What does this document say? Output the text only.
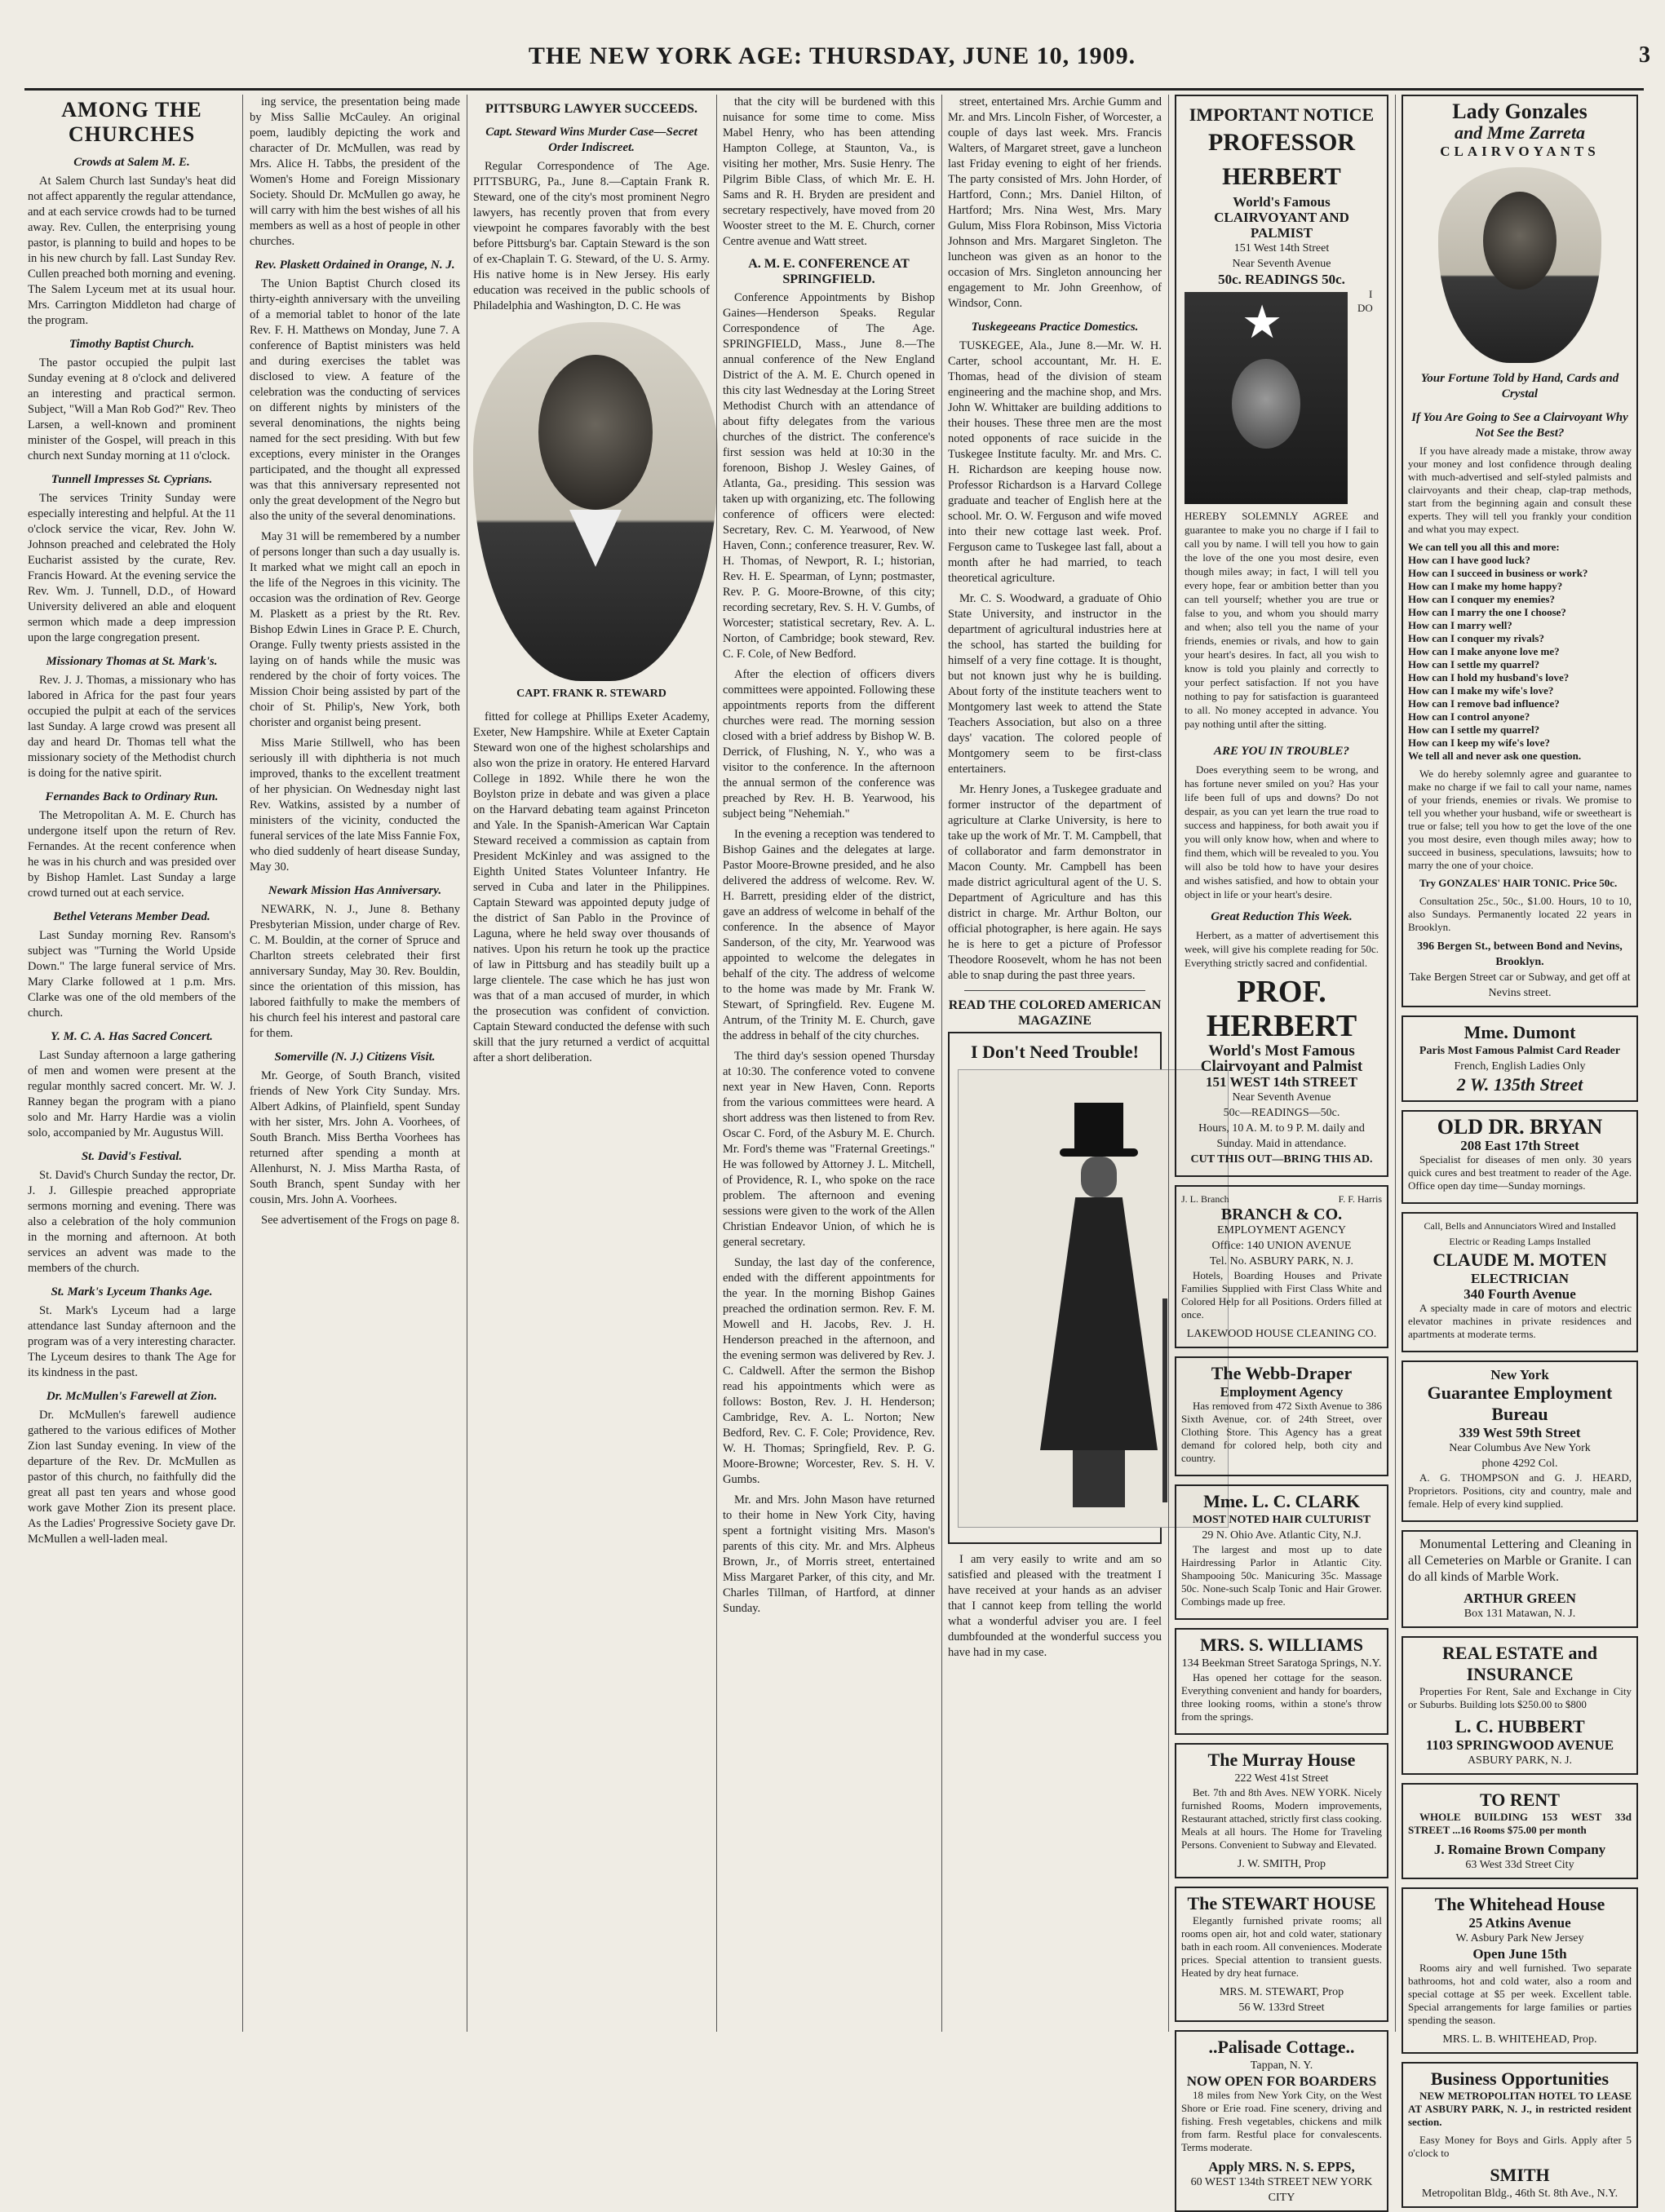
THE NEW YORK AGE: THURSDAY, JUNE 10, 1909.	3
AMONG THE CHURCHES
Crowds at Salem M. E.

At Salem Church last Sunday's heat did not affect apparently the regular attendance, and at each service crowds had to be turned away. Rev. Cullen, the enterprising young pastor, is planning to build and hopes to be in his new church by fall. Last Sunday Rev. Cullen preached both morning and evening. The Salem Lyceum met at its usual hour. Mrs. Carrington Middleton had charge of the program.

Timothy Baptist Church.

The pastor occupied the pulpit last Sunday evening at 8 o'clock and delivered an interesting and practical sermon. Subject, "Will a Man Rob God?" Rev. Theo Larsen, a well-known and prominent minister of the Gospel, will preach in this church next Sunday morning at 11 o'clock.

Tunnell Impresses St. Cyprians.

The services Trinity Sunday were especially interesting and helpful. At the 11 o'clock service the vicar, Rev. John W. Johnson preached and celebrated the Holy Eucharist assisted by the curate, Rev. Francis Howard. At the evening service the Rev. Wm. J. Tunnell, D.D., of Howard University delivered an able and eloquent sermon which made a deep impression upon the large congregation present.

Missionary Thomas at St. Mark's.

Rev. J. J. Thomas, a missionary who has labored in Africa for the past four years occupied the pulpit at each of the services last Sunday. A large crowd was present all day and heard Dr. Thomas tell what the missionary society of the Methodist church is doing for the native spirit.

Fernandes Back to Ordinary Run.

The Metropolitan A. M. E. Church has undergone itself upon the return of Rev. Fernandes. At the recent conference when he was in his church and was presided over by Bishop Hamlet. Last Sunday a large crowd turned out at each service.

Bethel Veterans Member Dead.

Last Sunday morning Rev. Ransom's subject was "Turning the World Upside Down." The large funeral service of Mrs. Mary Clarke followed at 1 p.m. Mrs. Clarke was one of the old members of the church.

Y. M. C. A. Has Sacred Concert.

Last Sunday afternoon a large gathering of men and women were present at the regular monthly sacred concert. Mr. W. J. Ranney began the program with a piano solo and Mr. Harry Hardie was a violin solo, accompanied by Mr. Augustus Will.

St. David's Festival.

St. David's Church Sunday the rector, Dr. J. J. Gillespie preached appropriate sermons morning and evening. There was also a celebration of the holy communion in the morning and afternoon. At both services an advent was made to the members of the church.

St. Mark's Lyceum Thanks Age.

St. Mark's Lyceum had a large attendance last Sunday afternoon and the program was of a very interesting character. The Lyceum desires to thank The Age for its kindness in the past.

Dr. McMullen's Farewell at Zion.

Dr. McMullen's farewell audience gathered to the various edifices of Mother Zion last Sunday evening. In view of the departure of the Rev. Dr. McMullen as pastor of this church, no faithfully did the great all past ten years and whose good work gave Mother Zion its present place. As the Ladies' Progressive Society gave Dr. McMullen a well-laden meal.

ing service, the presentation being made by Miss Sallie McCauley. An original poem, laudibly depicting the work and character of Dr. McMullen, was read by Mrs. Alice H. Tabbs, the president of the Women's Home and Foreign Missionary Society. Should Dr. McMullen go away, he will carry with him the best wishes of all his members as well as a host of people in other churches.

Rev. Plaskett Ordained in Orange, N. J.

The Union Baptist Church closed its thirty-eighth anniversary with the unveiling of a memorial tablet to honor of the late Rev. F. H. Matthews on Monday, June 7. A conference of Baptist ministers was held and during exercises the tablet was disclosed to view. A feature of the celebration was the conducting of services on different nights by ministers of the several denominations, the nights being named for the sect presiding. With but few exceptions, every minister in the Oranges participated, and the thought all expressed was that this anniversary represented not only the great development of the Negro but also the unity of the several denominations.

May 31 will be remembered by a number of persons longer than such a day usually is. It marked what we might call an epoch in the life of the Negroes in this vicinity. The occasion was the ordination of Rev. George M. Plaskett as a priest by the Rt. Rev. Bishop Edwin Lines in Grace P. E. Church, Orange. Fully twenty priests assisted in the laying on of hands while the music was rendered by the choir of forty voices. The Mission Choir being assisted by part of the choir of St. Philip's, New York, both chorister and organist being present.

Miss Marie Stillwell, who has been seriously ill with diphtheria is not much improved, thanks to the excellent treatment of her physician. On Wednesday night last Rev. Watkins, assisted by a number of ministers of the vicinity, conducted the funeral services of the late Miss Fannie Fox, who died suddenly of heart disease Sunday, May 30.

Newark Mission Has Anniversary.

NEWARK, N. J., June 8. Bethany Presbyterian Mission, under charge of Rev. C. M. Bouldin, at the corner of Spruce and Charlton streets celebrated their first anniversary Sunday, May 30. Rev. Bouldin, since the orientation of this mission, has labored faithfully to make the members of his church feel his interest and pastoral care for them.

Somerville (N. J.) Citizens Visit.

Mr. George, of South Branch, visited friends of New York City Sunday. Mrs. Albert Adkins, of Plainfield, spent Sunday with her sister, Mrs. John A. Voorhees, of South Branch. Miss Bertha Voorhees has returned after spending a month at Allenhurst, N. J. Miss Martha Rasta, of South Branch, spent Sunday with her cousin, Mrs. John A. Voorhees.

See advertisement of the Frogs on page 8.

PITTSBURG LAWYER SUCCEEDS.
Capt. Steward Wins Murder Case—Secret Order Indiscreet.

Regular Correspondence of The Age. PITTSBURG, Pa., June 8.—Captain Frank R. Steward, one of the city's most prominent Negro lawyers, has recently proven that from every viewpoint he compares favorably with the best before Pittsburg's bar. Captain Steward is the son of ex-Chaplain T. G. Steward, of the U. S. Army. His native home is in New Jersey. His early education was received in the public schools of Philadelphia and Washington, D. C. He was

CAPT. FRANK R. STEWARD

fitted for college at Phillips Exeter Academy, Exeter, New Hampshire. While at Exeter Captain Steward won one of the highest scholarships and also won the prize in oratory. He entered Harvard College in 1892. While there he won the Boylston prize in debate and was given a place on the Harvard debating team against Princeton and Yale. In the Spanish-American War Captain Steward received a commission as captain from President McKinley and was assigned to the Eighth United States Volunteer Infantry. He served in Cuba and later in the Philippines. Captain Steward was appointed deputy judge of the district of San Pablo in the Province of Laguna, where he held sway over thousands of natives. Upon his return he took up the practice of law in Pittsburg and has steadily built up a large clientele. The case which he has just won was that of a man accused of murder, in which the prosecution was confident of conviction. Captain Steward conducted the defense with such skill that the jury returned a verdict of acquittal after a short deliberation.

that the city will be burdened with this nuisance for some time to come. Miss Mabel Henry, who has been attending Hampton College, at Staunton, Va., is visiting her mother, Mrs. Susie Henry. The Pilgrim Bible Class, of which Mr. E. H. Sams and R. H. Bryden are president and secretary respectively, have moved from 20 Wooster street to the M. E. Church, corner Centre avenue and Watt street.

A. M. E. CONFERENCE AT SPRINGFIELD.

Conference Appointments by Bishop Gaines—Henderson Speaks. Regular Correspondence of The Age. SPRINGFIELD, Mass., June 8.—The annual conference of the New England District of the A. M. E. Church opened in this city last Wednesday at the Loring Street Methodist Church with an attendance of about fifty delegates from the various churches of the district. The conference's first session was held at 10:30 in the forenoon, Bishop J. Wesley Gaines, of Atlanta, Ga., presiding. This session was taken up with organizing, etc. The following conference of officers were elected: Secretary, Rev. C. M. Yearwood, of New Haven, Conn.; conference treasurer, Rev. W. H. Thomas, of Newport, R. I.; historian, Rev. H. E. Spearman, of Lynn; postmaster, Rev. P. G. Moore-Browne, of this city; recording secretary, Rev. S. H. V. Gumbs, of Worcester; statistical secretary, Rev. A. L. Norton, of Cambridge; book steward, Rev. C. F. Cole, of New Bedford.

After the election of officers divers committees were appointed. Following these appointments reports from the different churches were read. The morning session closed with a brief address by Bishop W. B. Derrick, of Flushing, N. Y., who was a visitor to the conference. In the afternoon the annual sermon of the conference was preached by Rev. H. B. Yearwood, his subject being "Nehemiah."

In the evening a reception was tendered to Bishop Gaines and the delegates at large. Pastor Moore-Browne presided, and he also delivered the address of welcome. Rev. W. H. Barrett, presiding elder of the district, gave an address of welcome in behalf of the conference. In the absence of Mayor Sanderson, of the city, Mr. Yearwood was appointed to welcome the delegates in behalf of the city. The address of welcome to the home was made by Mr. Frank W. Stewart, of Springfield. Rev. Eugene M. Antrum, of the Trinity M. E. Church, gave the address in behalf of the city churches.

The third day's session opened Thursday at 10:30. The conference voted to convene next year in New Haven, Conn. Reports from the various committees were heard. A short address was then listened to from Rev. Oscar C. Ford, of the Asbury M. E. Church. Mr. Ford's theme was "Fraternal Greetings." He was followed by Attorney J. L. Mitchell, of Providence, R. I., who spoke on the race problem. The afternoon and evening sessions were given to the work of the Allen Christian Endeavor Union, of which he is general secretary.

Sunday, the last day of the conference, ended with the different appointments for the year. In the morning Bishop Gaines preached the ordination sermon. Rev. F. M. Mowell and H. Jacobs, Rev. J. H. Henderson preached in the afternoon, and the evening sermon was delivered by Rev. J. C. Caldwell. After the sermon the Bishop read his appointments which were as follows: Boston, Rev. J. H. Henderson; Cambridge, Rev. A. L. Norton; New Bedford, Rev. C. F. Cole; Providence, Rev. W. H. Thomas; Springfield, Rev. P. G. Moore-Browne; Worcester, Rev. S. H. V. Gumbs.

Mr. and Mrs. John Mason have returned to their home in New York City, having spent a fortnight visiting Mrs. Mason's parents of this city. Mr. and Mrs. Alpheus Brown, Jr., of Morris street, entertained Miss Margaret Parker, of this city, and Mr. Charles Tillman, of Hartford, at dinner Sunday.

street, entertained Mrs. Archie Gumm and Mr. and Mrs. Lincoln Fisher, of Worcester, a couple of days last week. Mrs. Francis Walters, of Margaret street, gave a luncheon last Friday evening to eight of her friends. The party consisted of Mrs. John Horder, of Hartford, Conn.; Mrs. Daniel Hilton, of Hartford; Mrs. Nina West, Mrs. Mary Gulum, Miss Flora Robinson, Miss Victoria Johnson and Mrs. Margaret Singleton. The luncheon was given as an honor to the occasion of Mrs. Singleton announcing her engagement to Mr. John Greenhow, of Windsor, Conn.

Tuskegeeans Practice Domestics.

TUSKEGEE, Ala., June 8.—Mr. W. H. Carter, school accountant, Mr. H. E. Thomas, head of the division of steam engineering and the machine shop, and Mrs. John W. Whittaker are building additions to their houses. These three men are the most noted opponents of race suicide in the Tuskegee Institute faculty. Mr. and Mrs. C. H. Richardson are keeping house now. Professor Richardson is a Harvard College graduate and teacher of English here at the school. Mr. O. W. Ferguson and wife moved into their new cottage last week. Prof. Ferguson came to Tuskegee last fall, about a month after he had married, to teach theoretical agriculture.

Mr. C. S. Woodward, a graduate of Ohio State University, and instructor in the department of agricultural industries here at the school, has started the building for himself of a very fine cottage. It is thought, but not known just why he is building. About forty of the institute teachers went to Montgomery last week to attend the State Teachers Association, but also on a three days' vacation. The colored people of Montgomery seem to be first-class entertainers.

Mr. Henry Jones, a Tuskegee graduate and former instructor of the department of agriculture at Clarke University, is here to take up the work of Mr. T. M. Campbell, that of collaborator and farm demonstrator in Macon County. Mr. Campbell has been made district agricultural agent of the U. S. Department of Agriculture and has this district in charge. Mr. Arthur Bolton, our official photographer, is here again. He says he is here to get a picture of Professor Theodore Roosevelt, whom he has not been able to snap during the past three years.

READ THE COLORED AMERICAN MAGAZINE
I Don't Need Trouble!

I am very easily to write and am so satisfied and pleased with the treatment I have received at your hands as an adviser that I cannot keep from telling the world what a wonderful adviser you are. I feel dumbfounded at the wonderful success you have had in my case.

IMPORTANT NOTICE
PROFESSOR HERBERT
World's Famous
CLAIRVOYANT AND PALMIST
151 West 14th Street
Near Seventh Avenue
50c. READINGS 50c.
★

I DO HEREBY SOLEMNLY AGREE and guarantee to make you no charge if I fail to call you by name. I will tell you how to gain the love of the one you most desire, even though miles away; in fact, I will tell you every hope, fear or ambition better than you can tell yourself; whether you are true or false to you, and whom you should marry and when; also tell you the name of your friends, enemies or rivals, and how to gain your heart's desires. In fact, all you wish to know is told you plainly and correctly to your perfect satisfaction. If not you have nothing to pay for satisfaction is guaranteed to all. No money accepted in advance. You pay nothing until after the sitting.

ARE YOU IN TROUBLE?

Does everything seem to be wrong, and has fortune never smiled on you? Has your life been full of ups and downs? Do not despair, as you can yet learn the true road to success and happiness, for both await you if you will only know how, when and where to find them, which will be revealed to you. You will also be told how to have your desires and wishes satisfied, and how to obtain your object in life or your heart's desire.

Great Reduction This Week.

Herbert, as a matter of advertisement this week, will give his complete reading for 50c. Everything strictly sacred and confidential.

PROF. HERBERT
World's Most Famous Clairvoyant and Palmist
151 WEST 14th STREET
Near Seventh Avenue
50c—READINGS—50c.
Hours, 10 A. M. to 9 P. M. daily and Sunday. Maid in attendance.
CUT THIS OUT—BRING THIS AD.
J. L. Branch	F. F. Harris
BRANCH & CO.
EMPLOYMENT AGENCY
Office: 140 UNION AVENUE
Tel. No. ASBURY PARK, N. J.

Hotels, Boarding Houses and Private Families Supplied with First Class White and Colored Help for all Positions. Orders filled at once.

LAKEWOOD HOUSE CLEANING CO.
The Webb-Draper
Employment Agency

Has removed from 472 Sixth Avenue to 386 Sixth Avenue, cor. of 24th Street, over Clothing Store. This Agency has a great demand for colored help, both city and country.

Mme. L. C. CLARK
MOST NOTED HAIR CULTURIST
29 N. Ohio Ave. Atlantic City, N.J.

The largest and most up to date Hairdressing Parlor in Atlantic City. Shampooing 50c. Manicuring 35c. Massage 50c. None-such Scalp Tonic and Hair Grower. Combings made up free.

MRS. S. WILLIAMS
134 Beekman Street Saratoga Springs, N.Y.

Has opened her cottage for the season. Everything convenient and handy for boarders, three looking rooms, within a stone's throw from the springs.

The Murray House
222 West 41st Street

Bet. 7th and 8th Aves. NEW YORK. Nicely furnished Rooms, Modern improvements, Restaurant attached, strictly first class cooking. Meals at all hours. The Home for Traveling Persons. Convenient to Subway and Elevated.

J. W. SMITH, Prop
The STEWART HOUSE

Elegantly furnished private rooms; all rooms open air, hot and cold water, stationary bath in each room. All conveniences. Moderate prices. Special attention to transient guests. Heated by dry heat furnace.

MRS. M. STEWART, Prop
56 W. 133rd Street
..Palisade Cottage..
Tappan, N. Y.
NOW OPEN FOR BOARDERS

18 miles from New York City, on the West Shore or Erie road. Fine scenery, driving and fishing. Fresh vegetables, chickens and milk from farm. Restful place for convalescents. Terms moderate.

Apply MRS. N. S. EPPS,
60 WEST 134th STREET NEW YORK CITY
Lady Gonzales
and Mme Zarreta
CLAIRVOYANTS
Your Fortune Told by Hand, Cards and Crystal
If You Are Going to See a Clairvoyant Why Not See the Best?

If you have already made a mistake, throw away your money and lost confidence through dealing with much-advertised and self-styled palmists and clairvoyants and their cheap, clap-trap methods, start from the beginning again and consult these experts. They will tell you frankly your condition and what you may expect.

We can tell you all this and more:

How can I have good luck?

How can I succeed in business or work?

How can I make my home happy?

How can I conquer my enemies?

How can I marry the one I choose?

How can I marry well?

How can I conquer my rivals?

How can I make anyone love me?

How can I settle my quarrel?

How can I hold my husband's love?

How can I make my wife's love?

How can I remove bad influence?

How can I control anyone?

How can I settle my quarrel?

How can I keep my wife's love?

We tell all and never ask one question.

We do hereby solemnly agree and guarantee to make no charge if we fail to call your name, names of your friends, enemies or rivals. We promise to tell you whether your husband, wife or sweetheart is true or false; tell you how to get the love of the one you most desire, even though miles away; how to succeed in business, speculations, lawsuits; how to marry the one of your choice.

Try GONZALES' HAIR TONIC. Price 50c.

Consultation 25c., 50c., $1.00. Hours, 10 to 10, also Sundays. Permanently located 22 years in Brooklyn.

396 Bergen St., between Bond and Nevins, Brooklyn.
Take Bergen Street car or Subway, and get off at Nevins street.
Mme. Dumont
Paris Most Famous Palmist Card Reader
French, English Ladies Only
2 W. 135th Street
OLD DR. BRYAN
208 East 17th Street

Specialist for diseases of men only. 30 years quick cures and best treatment to reader of the Age. Office open day time—Sunday mornings.

Call, Bells and Annunciators Wired and Installed Electric or Reading Lamps Installed
CLAUDE M. MOTEN
ELECTRICIAN
340 Fourth Avenue

A specialty made in care of motors and electric elevator machines in private residences and apartments at moderate terms.

New York
Guarantee Employment Bureau
339 West 59th Street
Near Columbus Ave New York
phone 4292 Col.

A. G. THOMPSON and G. J. HEARD, Proprietors. Positions, city and country, male and female. Help of every kind supplied.

Monumental Lettering and Cleaning in all Cemeteries on Marble or Granite. I can do all kinds of Marble Work.

ARTHUR GREEN
Box 131 Matawan, N. J.
REAL ESTATE and INSURANCE

Properties For Rent, Sale and Exchange in City or Suburbs. Building lots $250.00 to $800

L. C. HUBBERT
1103 SPRINGWOOD AVENUE
ASBURY PARK, N. J.
TO RENT

WHOLE BUILDING 153 WEST 33d STREET ...16 Rooms $75.00 per month

J. Romaine Brown Company
63 West 33d Street City
The Whitehead House
25 Atkins Avenue
W. Asbury Park New Jersey
Open June 15th

Rooms airy and well furnished. Two separate bathrooms, hot and cold water, also a room and special cottage at $5 per week. Excellent table. Special arrangements for large families or parties spending the season.

MRS. L. B. WHITEHEAD, Prop.
Business Opportunities

NEW METROPOLITAN HOTEL TO LEASE AT ASBURY PARK, N. J., in restricted resident section.

Easy Money for Boys and Girls. Apply after 5 o'clock to

SMITH
Metropolitan Bldg., 46th St. 8th Ave., N.Y.
